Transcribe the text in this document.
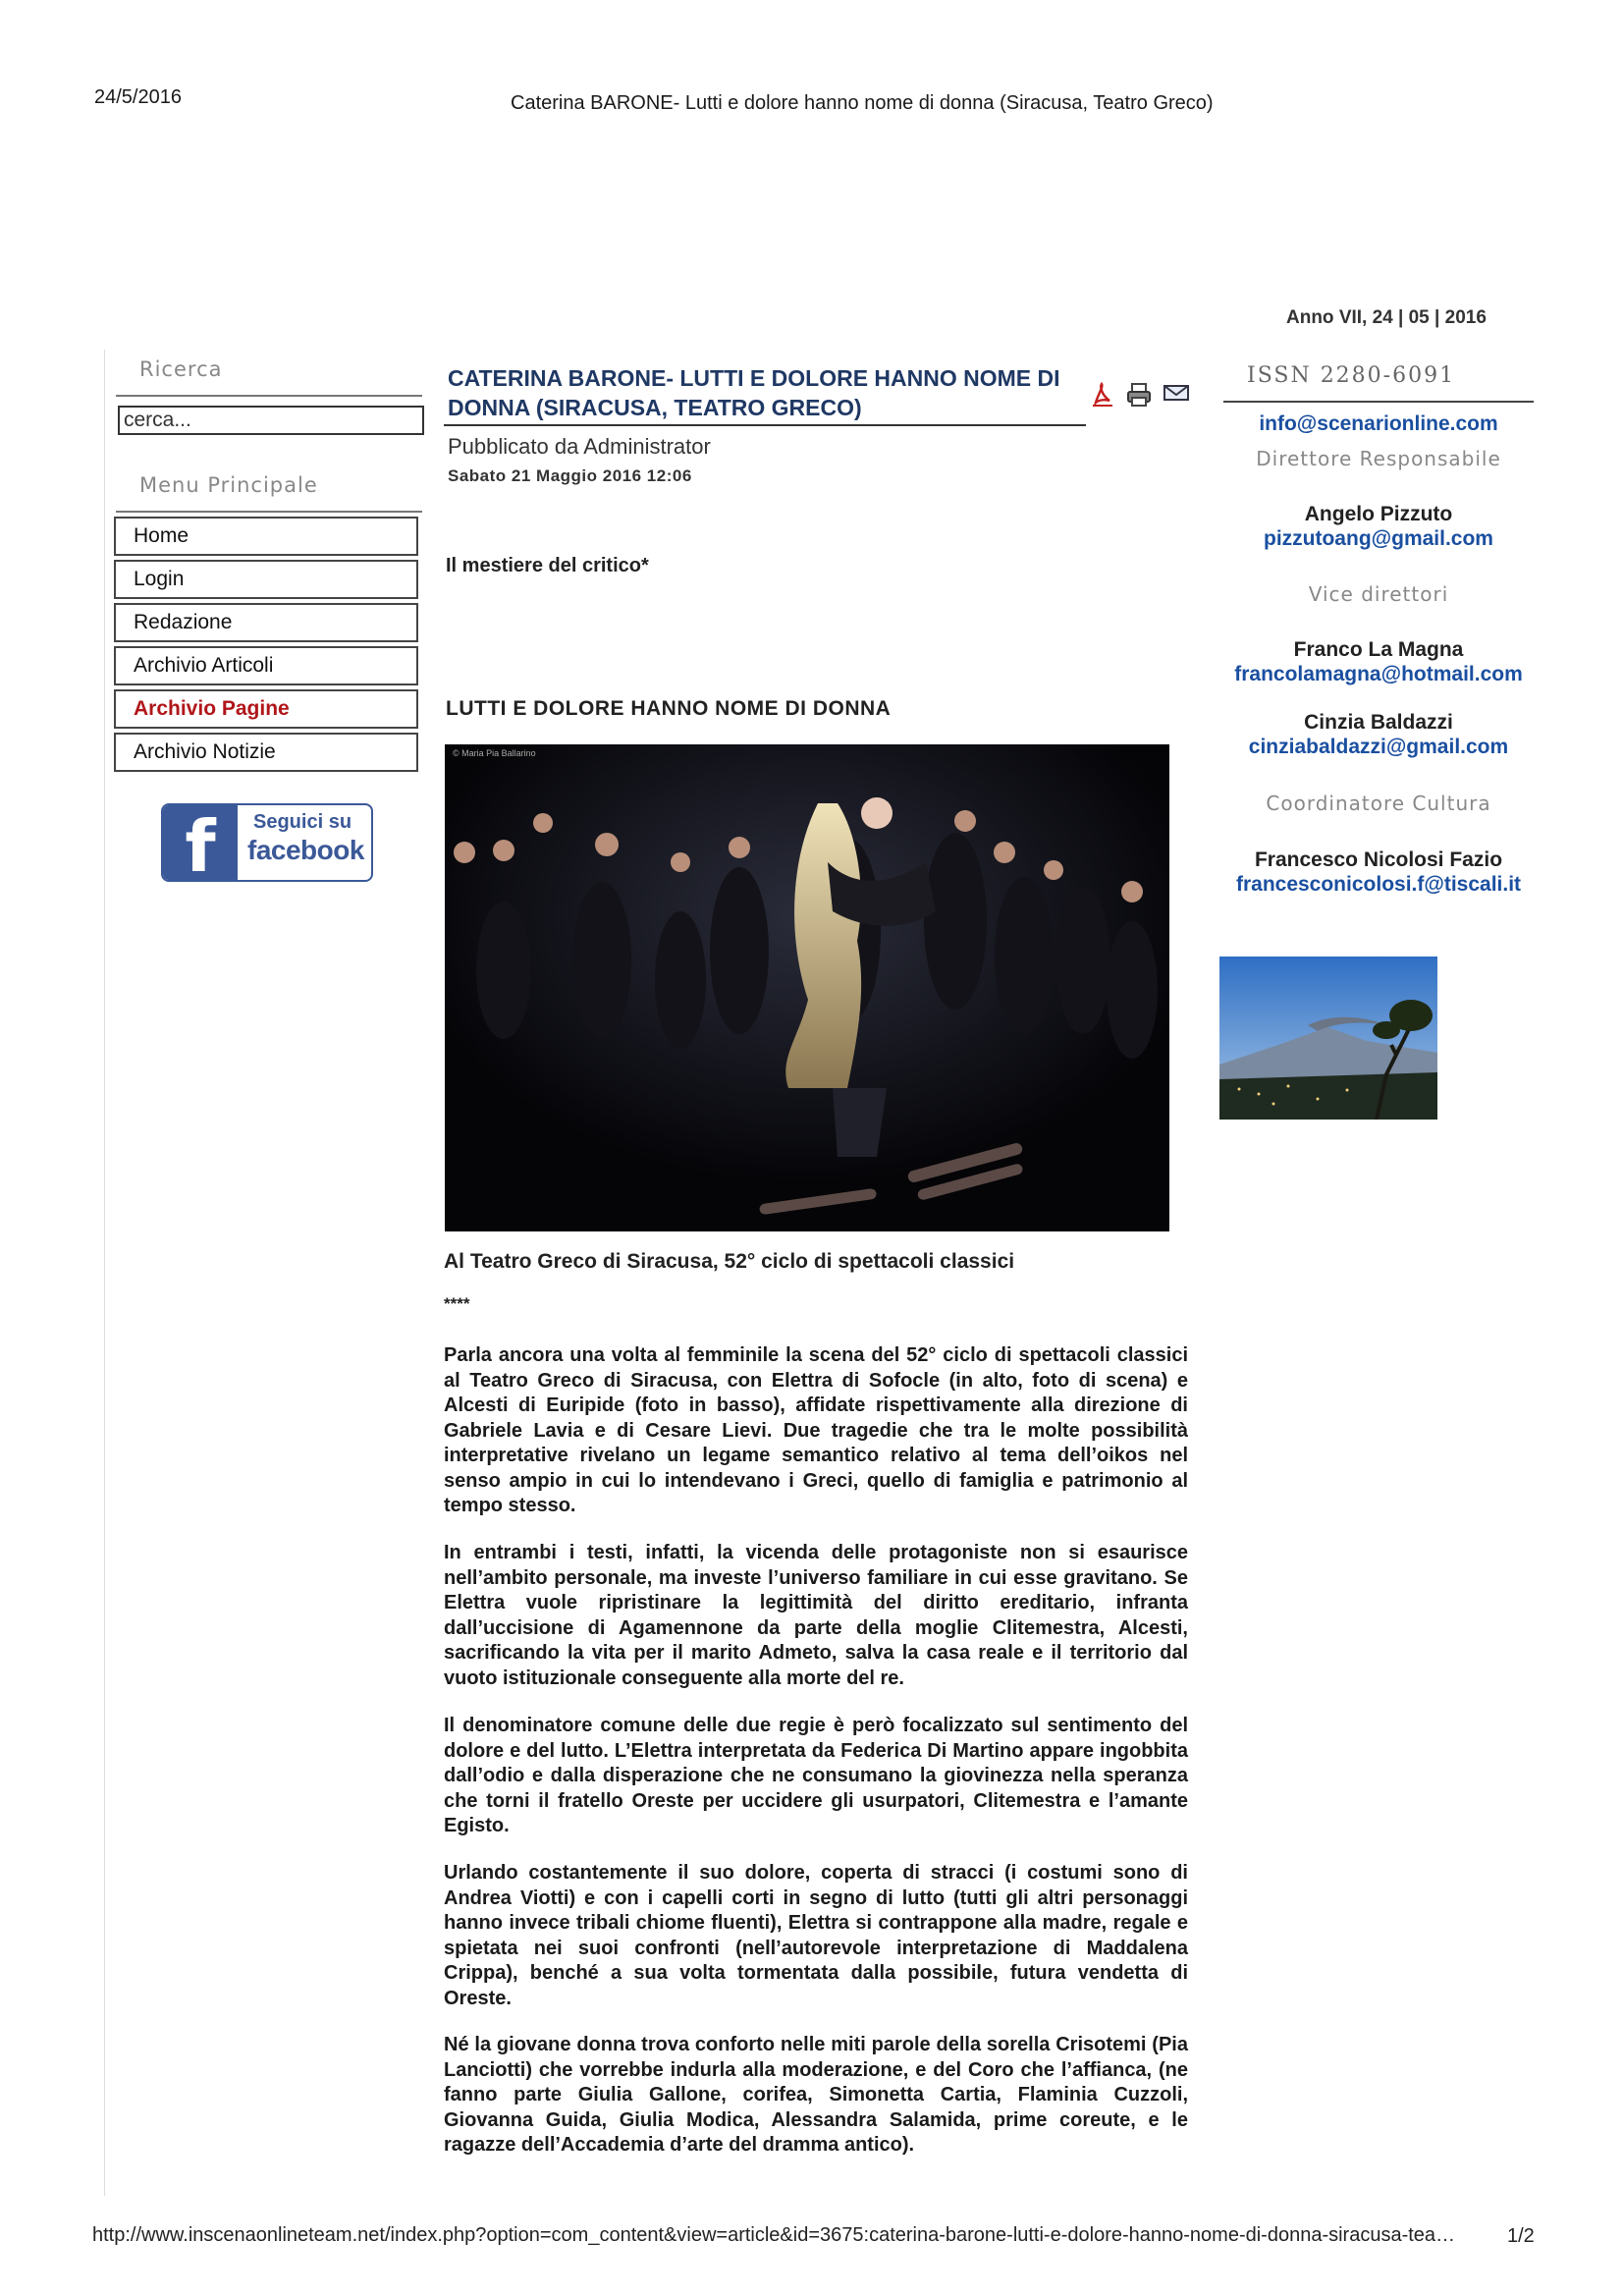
24/5/2016	Caterina BARONE- Lutti e dolore hanno nome di donna (Siracusa, Teatro Greco)
Anno VII, 24 | 05 | 2016
Ricerca
cerca...
Menu Principale
Home
Login
Redazione
Archivio Articoli
Archivio Pagine
Archivio Notizie
f	Seguici su
facebook
CATERINA BARONE- LUTTI E DOLORE HANNO NOME DI DONNA (SIRACUSA, TEATRO GRECO)
Pubblicato da Administrator
Sabato 21 Maggio 2016 12:06
Il mestiere del critico*
LUTTI E DOLORE HANNO NOME DI DONNA
© Maria Pia Ballarino
Al Teatro Greco di Siracusa, 52° ciclo di spettacoli classici
****

Parla ancora una volta al femminile la scena del 52° ciclo di spettacoli classici al Teatro Greco di Siracusa, con Elettra di Sofocle (in alto, foto di scena) e Alcesti di Euripide (foto in basso), affidate rispettivamente alla direzione di Gabriele Lavia e di Cesare Lievi. Due tragedie che tra le molte possibilità interpretative rivelano un legame semantico relativo al tema dell’oikos nel senso ampio in cui lo intendevano i Greci, quello di famiglia e patrimonio al tempo stesso.

In entrambi i testi, infatti, la vicenda delle protagoniste non si esaurisce nell’ambito personale, ma investe l’universo familiare in cui esse gravitano. Se Elettra vuole ripristinare la legittimità del diritto ereditario, infranta dall’uccisione di Agamennone da parte della moglie Clitemestra, Alcesti, sacrificando la vita per il marito Admeto, salva la casa reale e il territorio dal vuoto istituzionale conseguente alla morte del re.

Il denominatore comune delle due regie è però focalizzato sul sentimento del dolore e del lutto. L’Elettra interpretata da Federica Di Martino appare ingobbita dall’odio e dalla disperazione che ne consumano la giovinezza nella speranza che torni il fratello Oreste per uccidere gli usurpatori, Clitemestra e l’amante Egisto.

Urlando costantemente il suo dolore, coperta di stracci (i costumi sono di Andrea Viotti) e con i capelli corti in segno di lutto (tutti gli altri personaggi hanno invece tribali chiome fluenti), Elettra si contrappone alla madre, regale e spietata nei suoi confronti (nell’autorevole interpretazione di Maddalena Crippa), benché a sua volta tormentata dalla possibile, futura vendetta di Oreste.

Né la giovane donna trova conforto nelle miti parole della sorella Crisotemi (Pia Lanciotti) che vorrebbe indurla alla moderazione, e del Coro che l’affianca, (ne fanno parte Giulia Gallone, corifea, Simonetta Cartia, Flaminia Cuzzoli, Giovanna Guida, Giulia Modica, Alessandra Salamida, prime coreute, e le ragazze dell’Accademia d’arte del dramma antico).

ISSN 2280-6091
info@scenarionline.com
Direttore Responsabile
Angelo Pizzuto
pizzutoang@gmail.com
Vice direttori
Franco La Magna
francolamagna@hotmail.com
Cinzia Baldazzi
cinziabaldazzi@gmail.com
Coordinatore Cultura
Francesco Nicolosi Fazio
francesconicolosi.f@tiscali.it
http://www.inscenaonlineteam.net/index.php?option=com_content&view=article&id=3675:caterina-barone-lutti-e-dolore-hanno-nome-di-donna-siracusa-tea…	1/2
